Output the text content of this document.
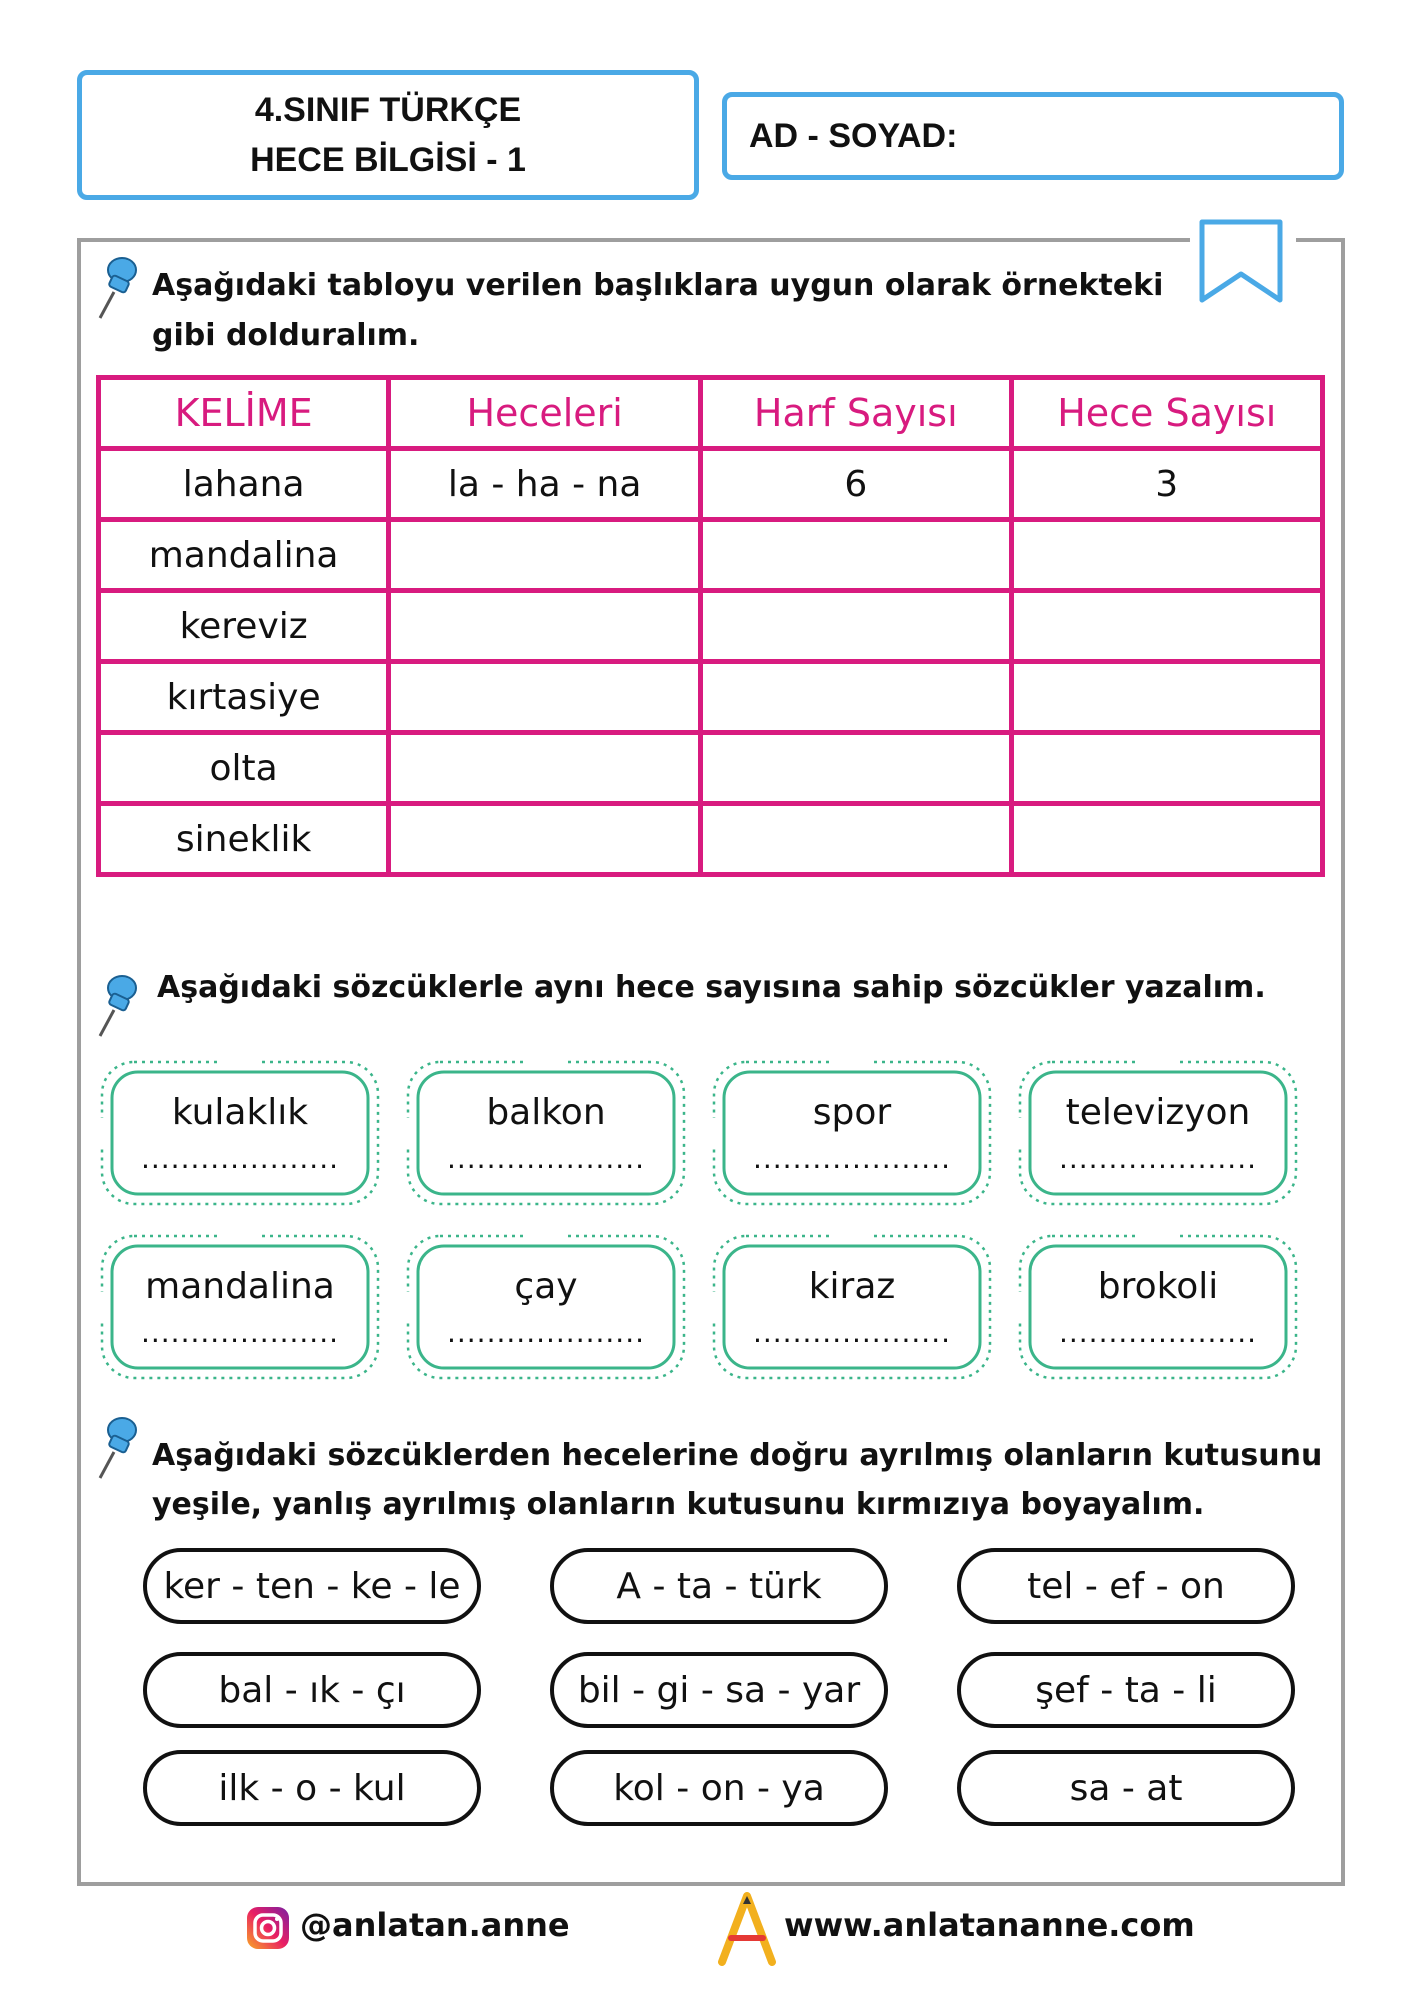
4.SINIF TÜRKÇE
HECE BİLGİSİ - 1
AD - SOYAD:
Aşağıdaki tabloyu verilen başlıklara uygun olarak örnekteki
gibi dolduralım.
KELİME	Heceleri	Harf Sayısı	Hece Sayısı
lahana	la - ha - na	6	3
mandalina			
kereviz			
kırtasiye			
olta			
sineklik			
Aşağıdaki sözcüklerle aynı hece sayısına sahip sözcükler yazalım.
kulaklık
....................
balkon
....................
spor
....................
televizyon
....................
mandalina
....................
çay
....................
kiraz
....................
brokoli
....................
Aşağıdaki sözcüklerden hecelerine doğru ayrılmış olanların kutusunu
yeşile, yanlış ayrılmış olanların kutusunu kırmızıya boyayalım.
ker - ten - ke - le	A - ta - türk	tel - ef - on
bal - ık - çı	bil - gi - sa - yar	şef - ta - li
ilk - o - kul	kol - on - ya	sa - at
@anlatan.anne	www.anlatananne.com
